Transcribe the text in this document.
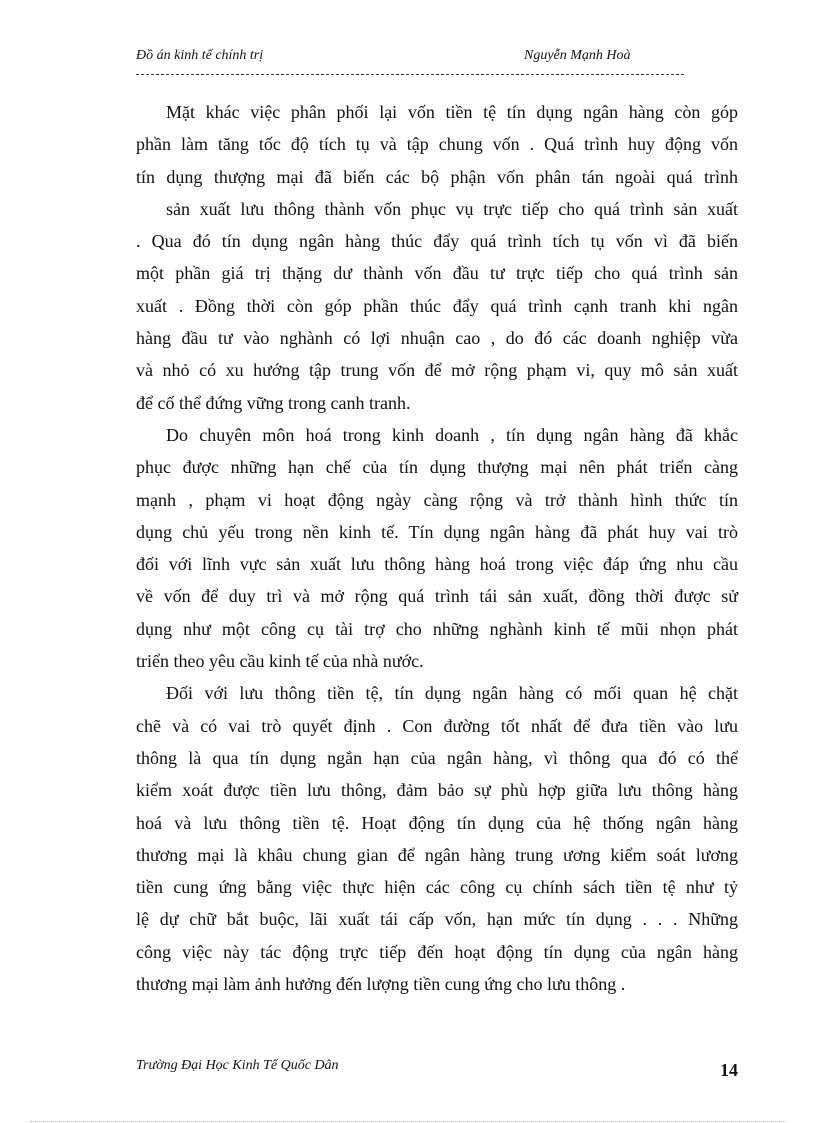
Đồ án kinh tế chính trị	Nguyễn Mạnh Hoà
Mặt khác việc phân phối lại vốn tiền tệ tín dụng ngân hàng còn góp
phần làm tăng tốc độ tích tụ và tập chung vốn . Quá trình huy động vốn
tín dụng thượng mại đã biến các bộ phận vốn phân tán ngoài quá trình
sản xuất lưu thông thành vốn phục vụ trực tiếp cho quá trình sản xuất
. Qua đó tín dụng ngân hàng thúc đẩy quá trình tích tụ vốn vì đã biến
một phần giá trị thặng dư thành vốn đầu tư trực tiếp cho quá trình sản
xuất . Đồng thời còn góp phần thúc đẩy quá trình cạnh tranh khi ngân
hàng đầu tư vào nghành có lợi nhuận cao , do đó các doanh nghiệp vừa
và nhỏ có xu hướng tập trung vốn để mở rộng phạm vi, quy mô sản xuất
để cố thể đứng vững trong canh tranh.
Do chuyên môn hoá trong kinh doanh , tín dụng ngân hàng đã khắc
phục được những hạn chế của tín dụng thượng mại nên phát triển càng
mạnh , phạm vi hoạt động ngày càng rộng và trở thành hình thức tín
dụng chủ yếu trong nền kinh tế. Tín dụng ngân hàng đã phát huy vai trò
đối với lĩnh vực sản xuất lưu thông hàng hoá trong việc đáp ứng nhu cầu
về vốn để duy trì và mở rộng quá trình tái sản xuất, đồng thời được sử
dụng như một công cụ tài trợ cho những nghành kinh tế mũi nhọn phát
triển theo yêu cầu kinh tế của nhà nước.
Đối với lưu thông tiền tệ, tín dụng ngân hàng có mối quan hệ chặt
chẽ và có vai trò quyết định . Con đường tốt nhất để đưa tiền vào lưu
thông là qua tín dụng ngắn hạn của ngân hàng, vì thông qua đó có thể
kiểm xoát được tiền lưu thông, đảm bảo sự phù hợp giữa lưu thông hàng
hoá và lưu thông tiền tệ. Hoạt động tín dụng của hệ thống ngân hàng
thương mại là khâu chung gian để ngân hàng trung ương kiểm soát lương
tiền cung ứng bằng việc thực hiện các công cụ chính sách tiền tệ như tỷ
lệ dự chữ bắt buộc, lãi xuất tái cấp vốn, hạn mức tín dụng . . . Những
công việc này tác động trực tiếp đến hoạt động tín dụng của ngân hàng
thương mại làm ảnh hưởng đến lượng tiền cung ứng cho lưu thông .
Trường Đại Học Kinh Tế Quốc Dân	14
